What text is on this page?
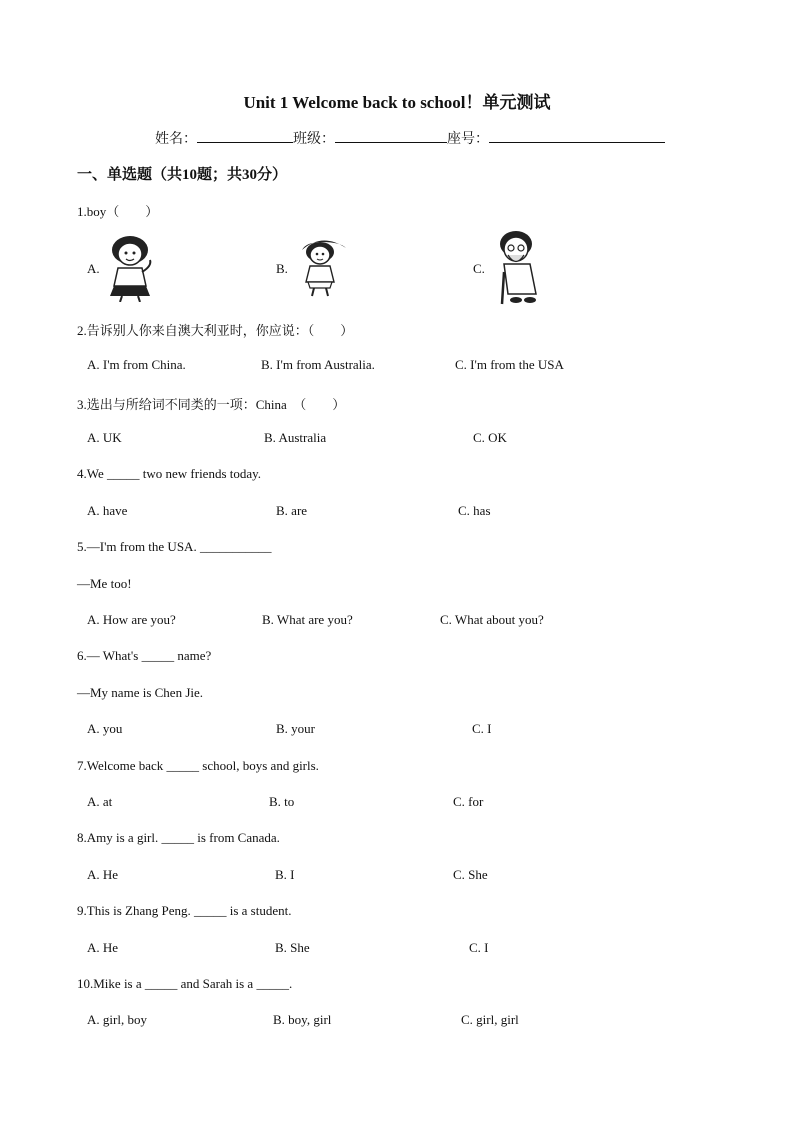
Unit 1 Welcome back to school！单元测试
姓名：	班级：	座号：
一、单选题（共10题；共30分）
1.boy（　　）
A.	B.	C.
2.告诉别人你来自澳大利亚时，你应说：（　　）
A. I'm from China.	B. I'm from Australia.	C. I'm from the USA
3.选出与所给词不同类的一项：China　（　　）
A. UK	B. Australia	C. OK
4.We _____ two new friends today.
A. have	B. are	C. has
5.—I'm from the USA. ___________
—Me too!
A. How are you?	B. What are you?	C. What about you?
6.— What's _____ name?
—My name is Chen Jie.
A. you	B. your	C. I
7.Welcome back _____ school, boys and girls.
A. at	B. to	C. for
8.Amy is a girl. _____ is from Canada.
A. He	B. I	C. She
9.This is Zhang Peng. _____ is a student.
A. He	B. She	C. I
10.Mike is a _____ and Sarah is a _____.
A. girl, boy	B. boy, girl	C. girl, girl
